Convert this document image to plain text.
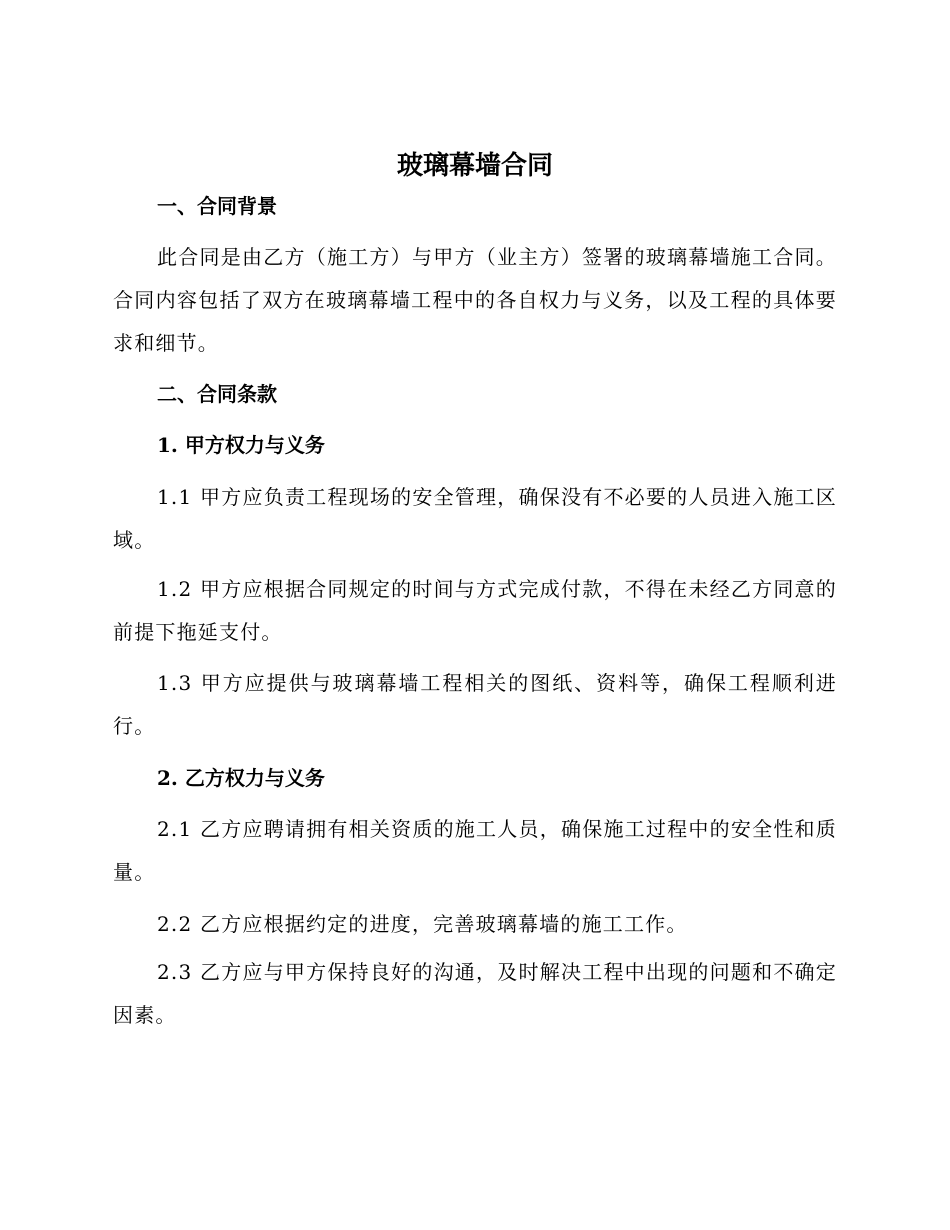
玻璃幕墙合同
一、合同背景
此合同是由乙方（施工方）与甲方（业主方）签署的玻璃幕墙施工合同。合同内容包括了双方在玻璃幕墙工程中的各自权力与义务，以及工程的具体要求和细节。
二、合同条款
1. 甲方权力与义务
1.1 甲方应负责工程现场的安全管理，确保没有不必要的人员进入施工区域。
1.2 甲方应根据合同规定的时间与方式完成付款，不得在未经乙方同意的前提下拖延支付。
1.3 甲方应提供与玻璃幕墙工程相关的图纸、资料等，确保工程顺利进行。
2. 乙方权力与义务
2.1 乙方应聘请拥有相关资质的施工人员，确保施工过程中的安全性和质量。
2.2 乙方应根据约定的进度，完善玻璃幕墙的施工工作。
2.3 乙方应与甲方保持良好的沟通，及时解决工程中出现的问题和不确定因素。
